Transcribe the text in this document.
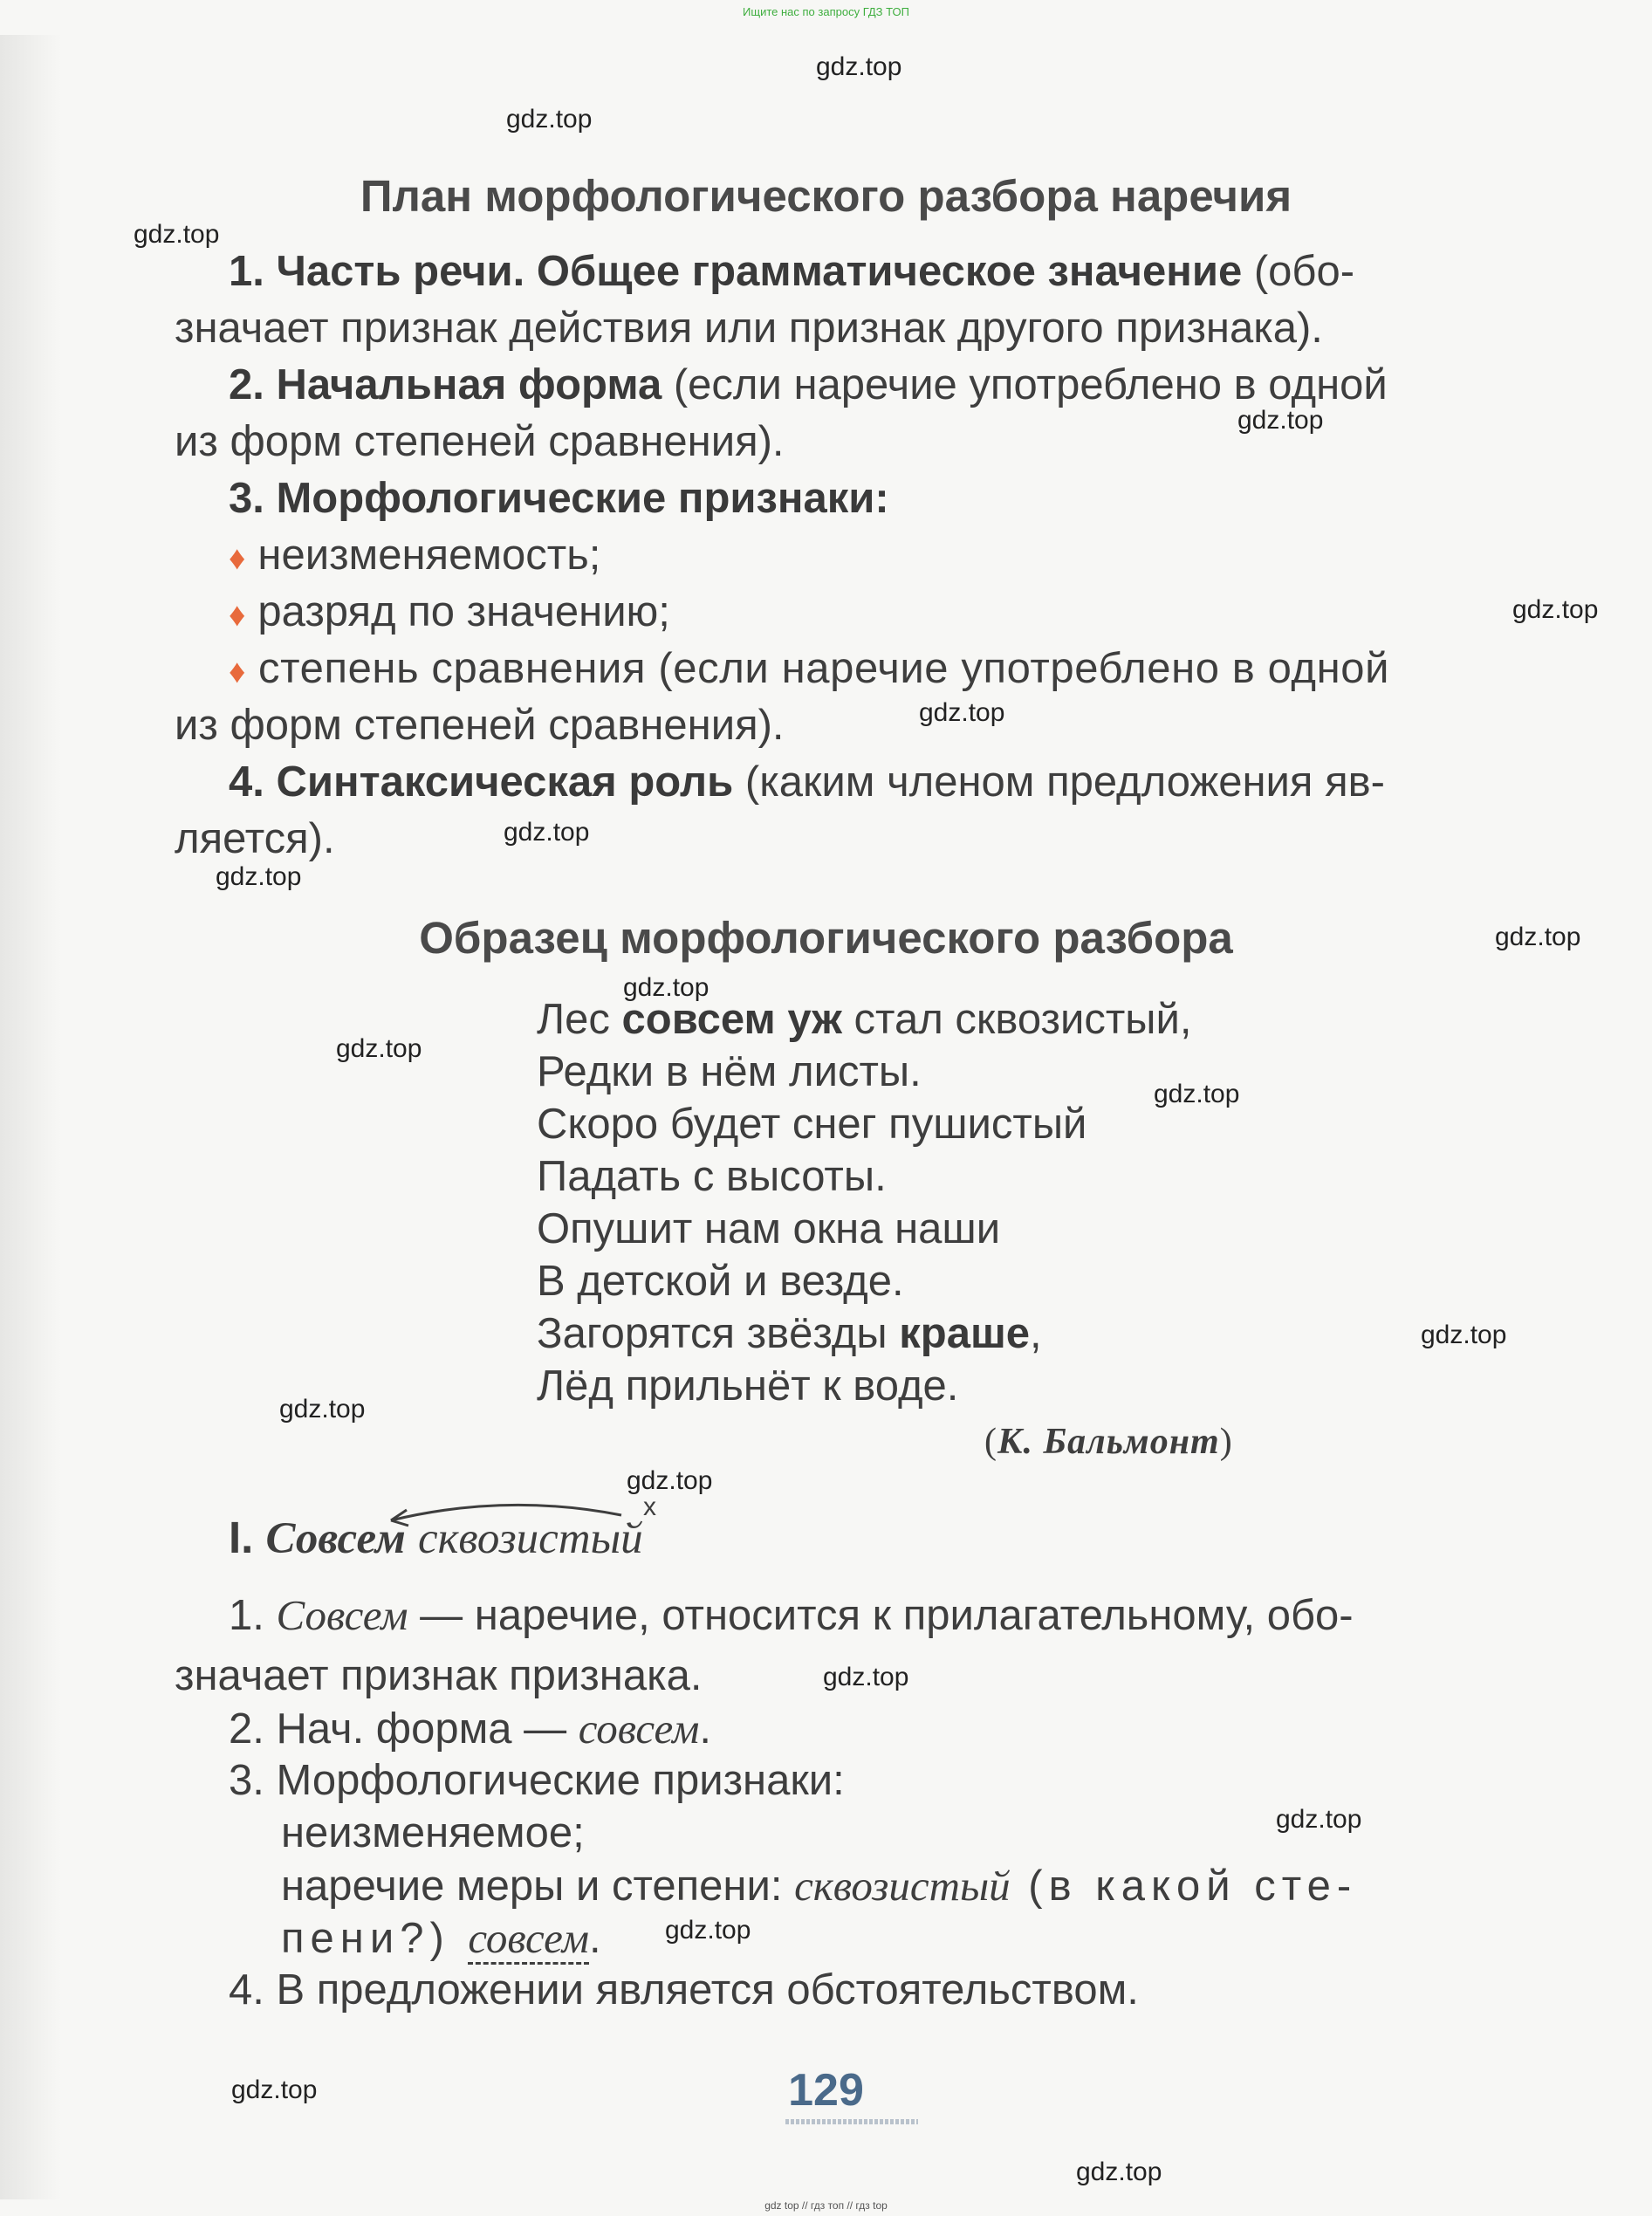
Ищите нас по запросу ГДЗ ТОП
gdz.top
gdz.top
gdz.top
gdz.top
gdz.top
gdz.top
gdz.top
gdz.top
gdz.top
gdz.top
gdz.top
gdz.top
gdz.top
gdz.top
gdz.top
gdz.top
gdz.top
gdz.top
gdz.top
gdz.top
План морфологического разбора наречия
1. Часть речи. Общее грамматическое значение (обо-
значает признак действия или признак другого признака).
2. Начальная форма (если наречие употреблено в одной
из форм степеней сравнения).
3. Морфологические признаки:
♦ неизменяемость;
♦ разряд по значению;
♦ степень сравнения (если наречие употреблено в одной
из форм степеней сравнения).
4. Синтаксическая роль (каким членом предложения яв-
ляется).
Образец морфологического разбора
Лес совсем уж стал сквозистый,
Редки в нём листы.
Скоро будет снег пушистый
Падать с высоты.
Опушит нам окна наши
В детской и везде.
Загорятся звёзды краше,
Лёд прильнёт к воде.
(К. Бальмонт)
x
I. Совсем сквозистый
1. Совсем — наречие, относится к прилагательному, обо-
значает признак признака.
2. Нач. форма — совсем.
3. Морфологические признаки:
неизменяемое;
наречие меры и степени: сквозистый (в какой сте-
пени?) совсем.
4. В предложении является обстоятельством.
129
gdz top // гдз топ // гдз top
